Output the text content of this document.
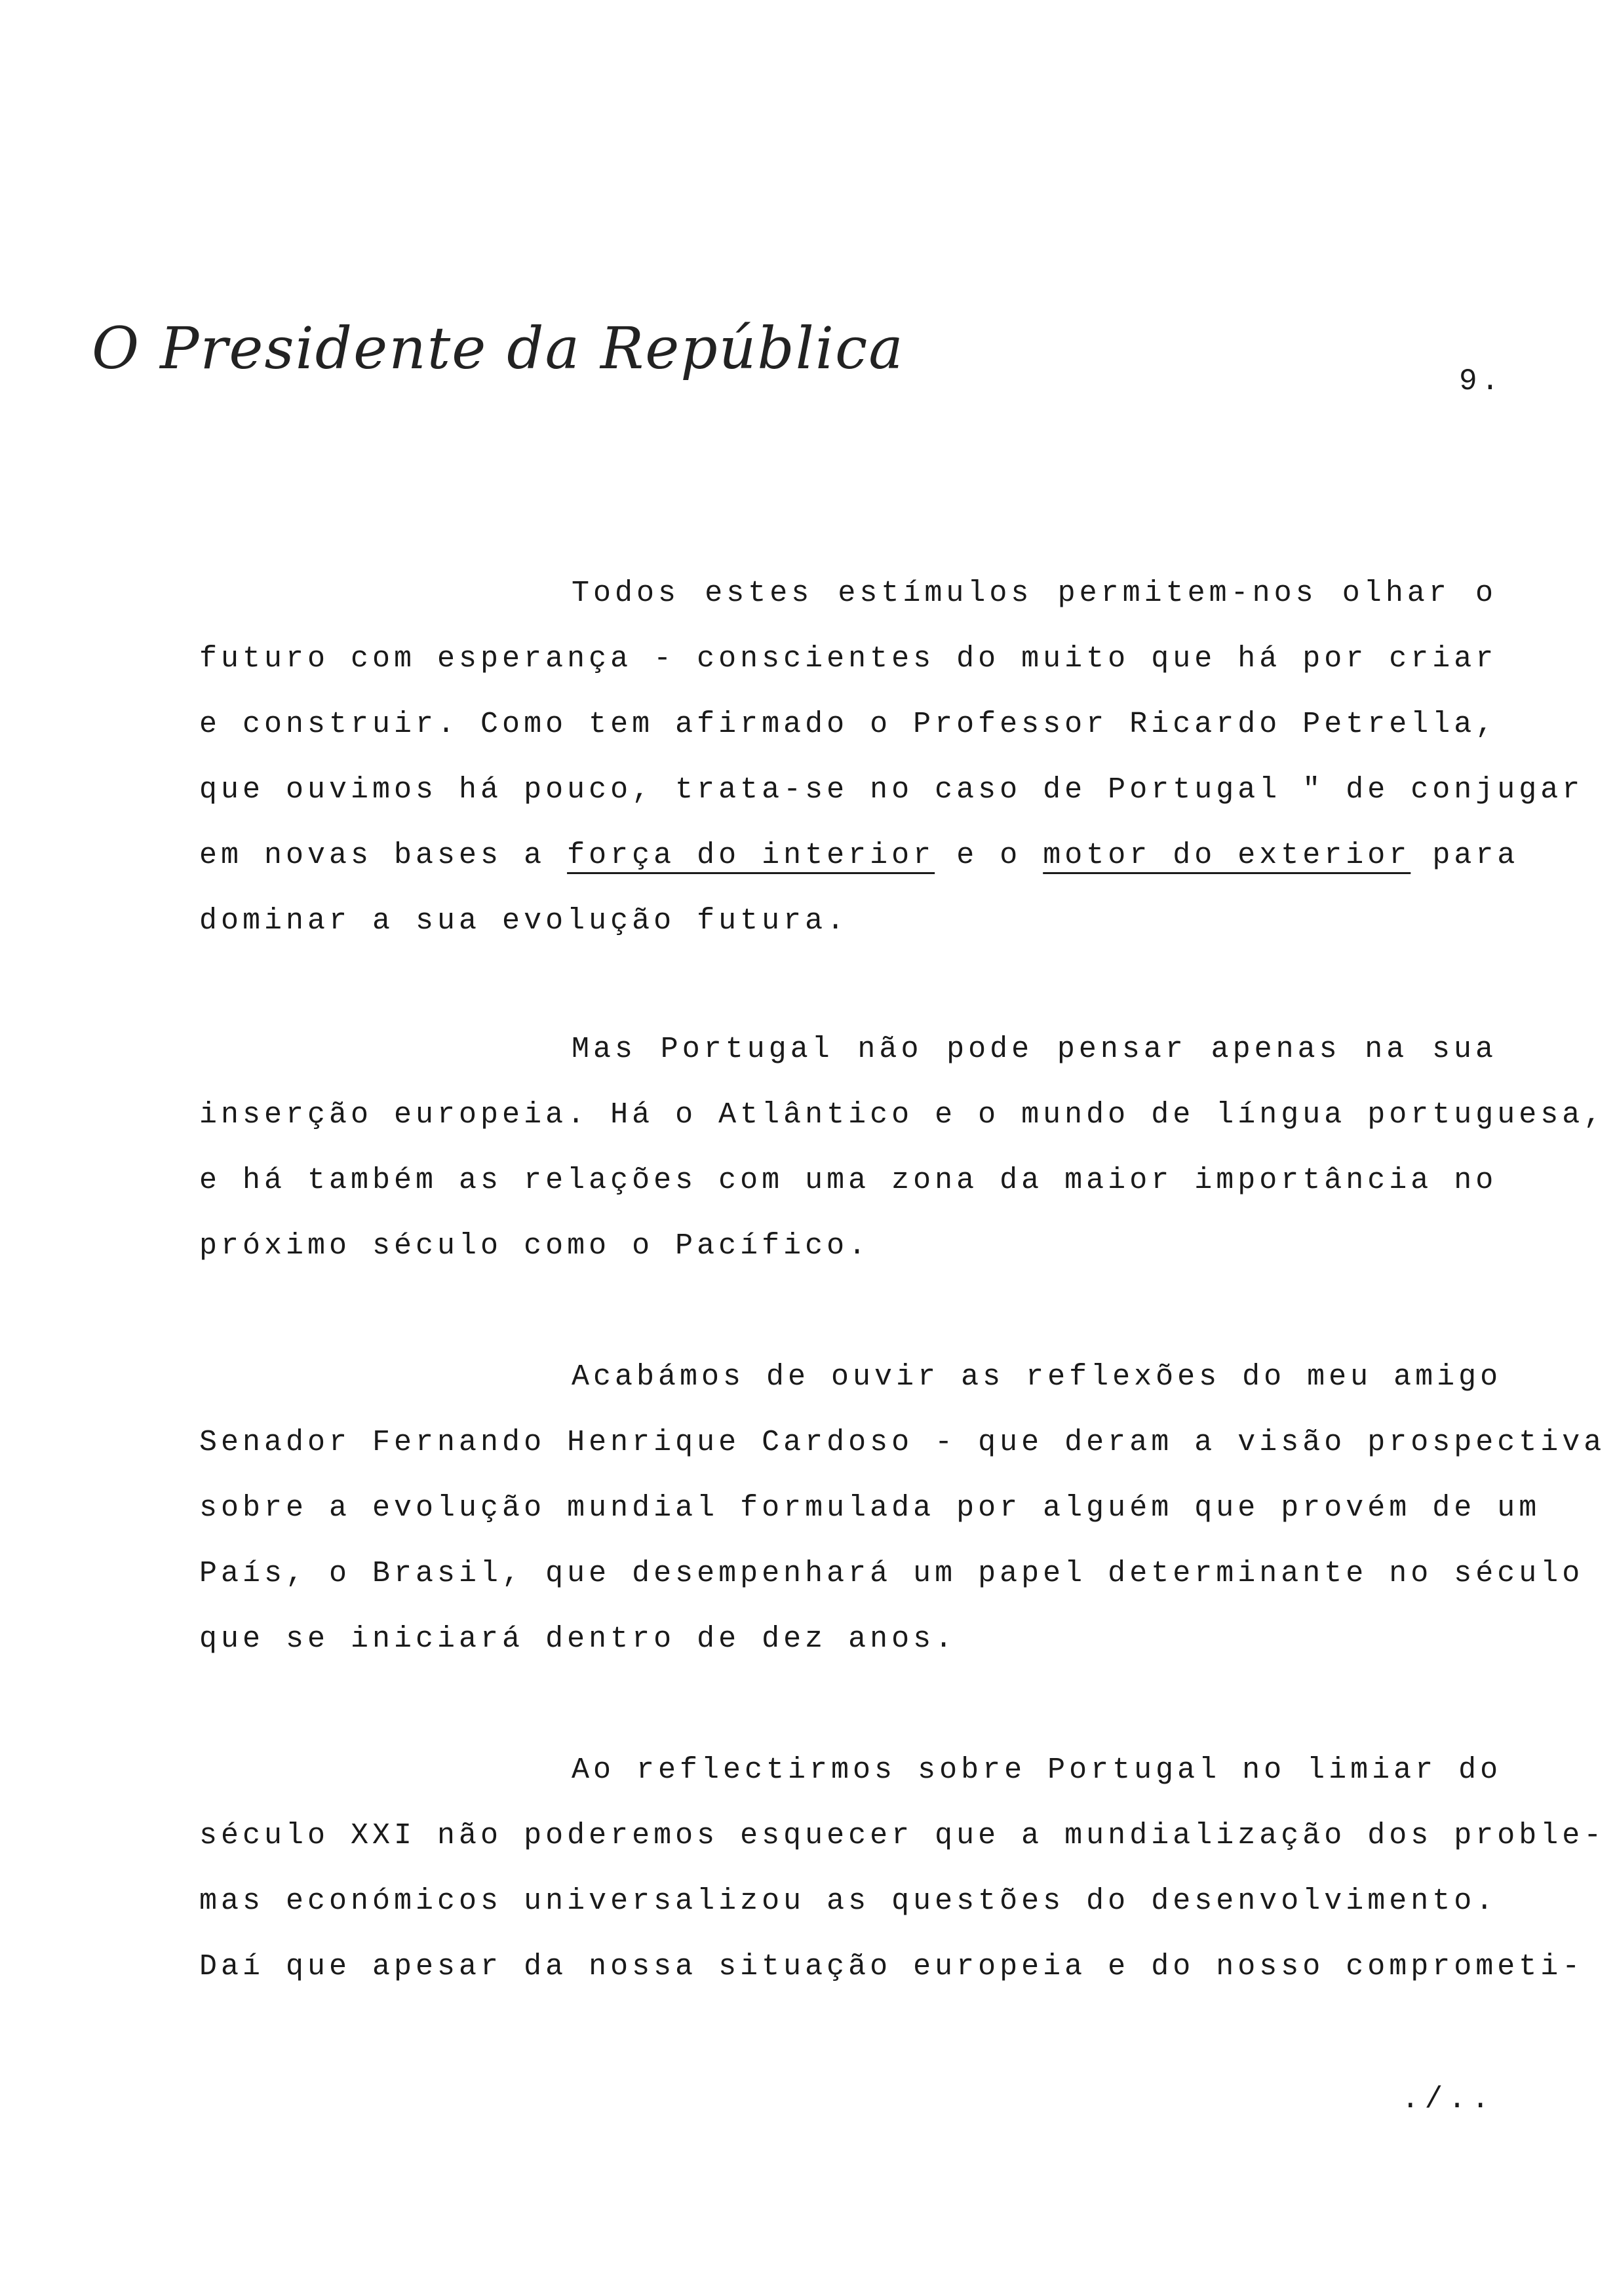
O Presidente da República	9.
Todos estes estímulos permitem-nos olhar o
futuro com esperança - conscientes do muito que há por criar
e construir. Como tem afirmado o Professor Ricardo Petrella,
que ouvimos há pouco, trata-se no caso de Portugal " de conjugar
em novas bases a força do interior e o motor do exterior para
dominar a sua evolução futura.
Mas Portugal não pode pensar apenas na sua
inserção europeia. Há o Atlântico e o mundo de língua portuguesa,
e há também as relações com uma zona da maior importância no
próximo século como o Pacífico.
Acabámos de ouvir as reflexões do meu amigo
Senador Fernando Henrique Cardoso - que deram a visão prospectiva
sobre a evolução mundial formulada por alguém que provém de um
País, o Brasil, que desempenhará um papel determinante no século
que se iniciará dentro de dez anos.
Ao reflectirmos sobre Portugal no limiar do
século XXI não poderemos esquecer que a mundialização dos proble-
mas económicos universalizou as questões do desenvolvimento.
Daí que apesar da nossa situação europeia e do nosso comprometi-
./..
